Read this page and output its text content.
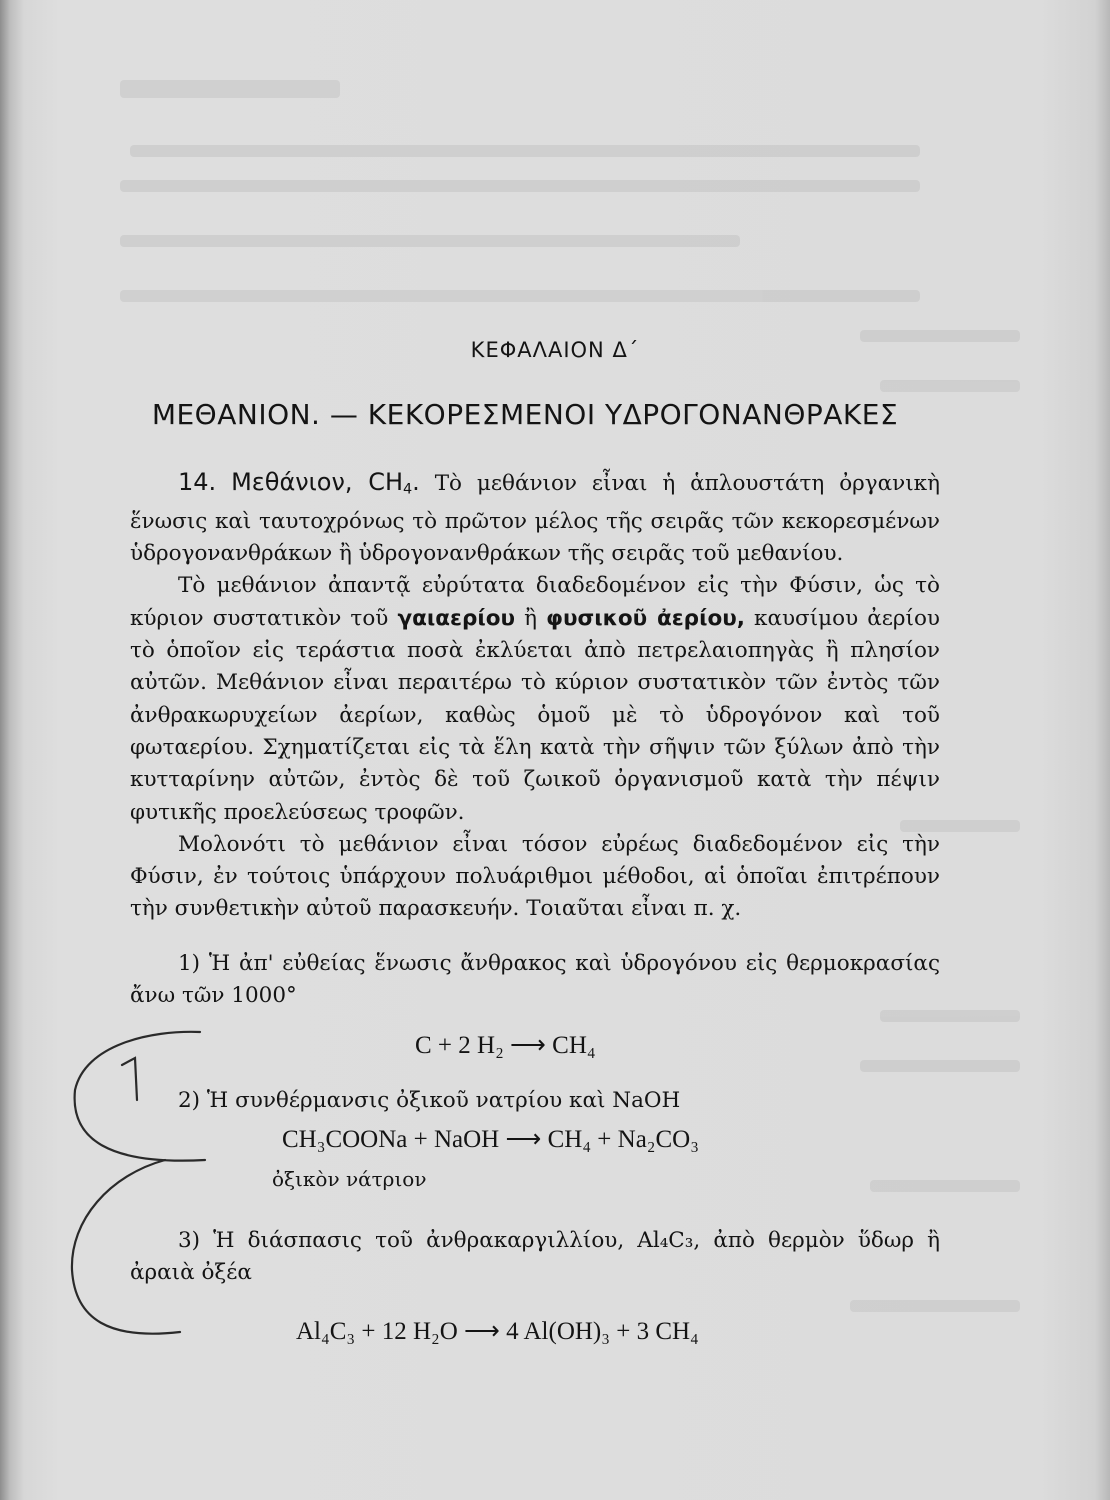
ΚΕΦΑΛΑΙΟΝ Δ΄
ΜΕΘΑΝΙΟΝ. — ΚΕΚΟΡΕΣΜΕΝΟΙ ΥΔΡΟΓΟΝΑΝΘΡΑΚΕΣ

14. Μεθάνιον, $CH_4$. Τὸ μεθάνιον εἶναι ἡ ἁπλουστάτη ὀργανικὴ ἕνωσις καὶ ταυτοχρόνως τὸ πρῶτον μέλος τῆς σειρᾶς τῶν κεκορεσμένων ὑδρογονανθράκων ἢ ὑδρογονανθράκων τῆς σειρᾶς τοῦ μεθανίου.

Τὸ μεθάνιον ἀπαντᾷ εὐρύτατα διαδεδομένον εἰς τὴν Φύσιν, ὡς τὸ κύριον συστατικὸν τοῦ γαιαερίου ἢ φυσικοῦ ἀερίου, καυσίμου ἀερίου τὸ ὁποῖον εἰς τεράστια ποσὰ ἐκλύεται ἀπὸ πετρελαιοπηγὰς ἢ πλησίον αὐτῶν. Μεθάνιον εἶναι περαιτέρω τὸ κύριον συστατικὸν τῶν ἐντὸς τῶν ἀνθρακωρυχείων ἀερίων, καθὼς ὁμοῦ μὲ τὸ ὑδρογόνον καὶ τοῦ φωταερίου. Σχηματίζεται εἰς τὰ ἕλη κατὰ τὴν σῆψιν τῶν ξύλων ἀπὸ τὴν κυτταρίνην αὐτῶν, ἐντὸς δὲ τοῦ ζωικοῦ ὀργανισμοῦ κατὰ τὴν πέψιν φυτικῆς προελεύσεως τροφῶν.

Μολονότι τὸ μεθάνιον εἶναι τόσον εὐρέως διαδεδομένον εἰς τὴν Φύσιν, ἐν τούτοις ὑπάρχουν πολυάριθμοι μέθοδοι, αἱ ὁποῖαι ἐπιτρέπουν τὴν συνθετικὴν αὐτοῦ παρασκευήν. Τοιαῦται εἶναι π. χ.

1) Ἡ ἀπ' εὐθείας ἕνωσις ἄνθρακος καὶ ὑδρογόνου εἰς θερμοκρασίας ἄνω τῶν 1000°
C + 2 H₂ ⟶ CH₄
2) Ἡ συνθέρμανσις ὀξικοῦ νατρίου καὶ NaOH
CH₃COONa + NaOH ⟶ CH₄ + Na₂CO₃
ὀξικὸν νάτριον
3) Ἡ διάσπασις τοῦ ἀνθρακαργιλλίου, Al₄C₃, ἀπὸ θερμὸν ὕδωρ ἢ ἀραιὰ ὀξέα
Al₄C₃ + 12 H₂O ⟶ 4 Al(OH)₃ + 3 CH₄
